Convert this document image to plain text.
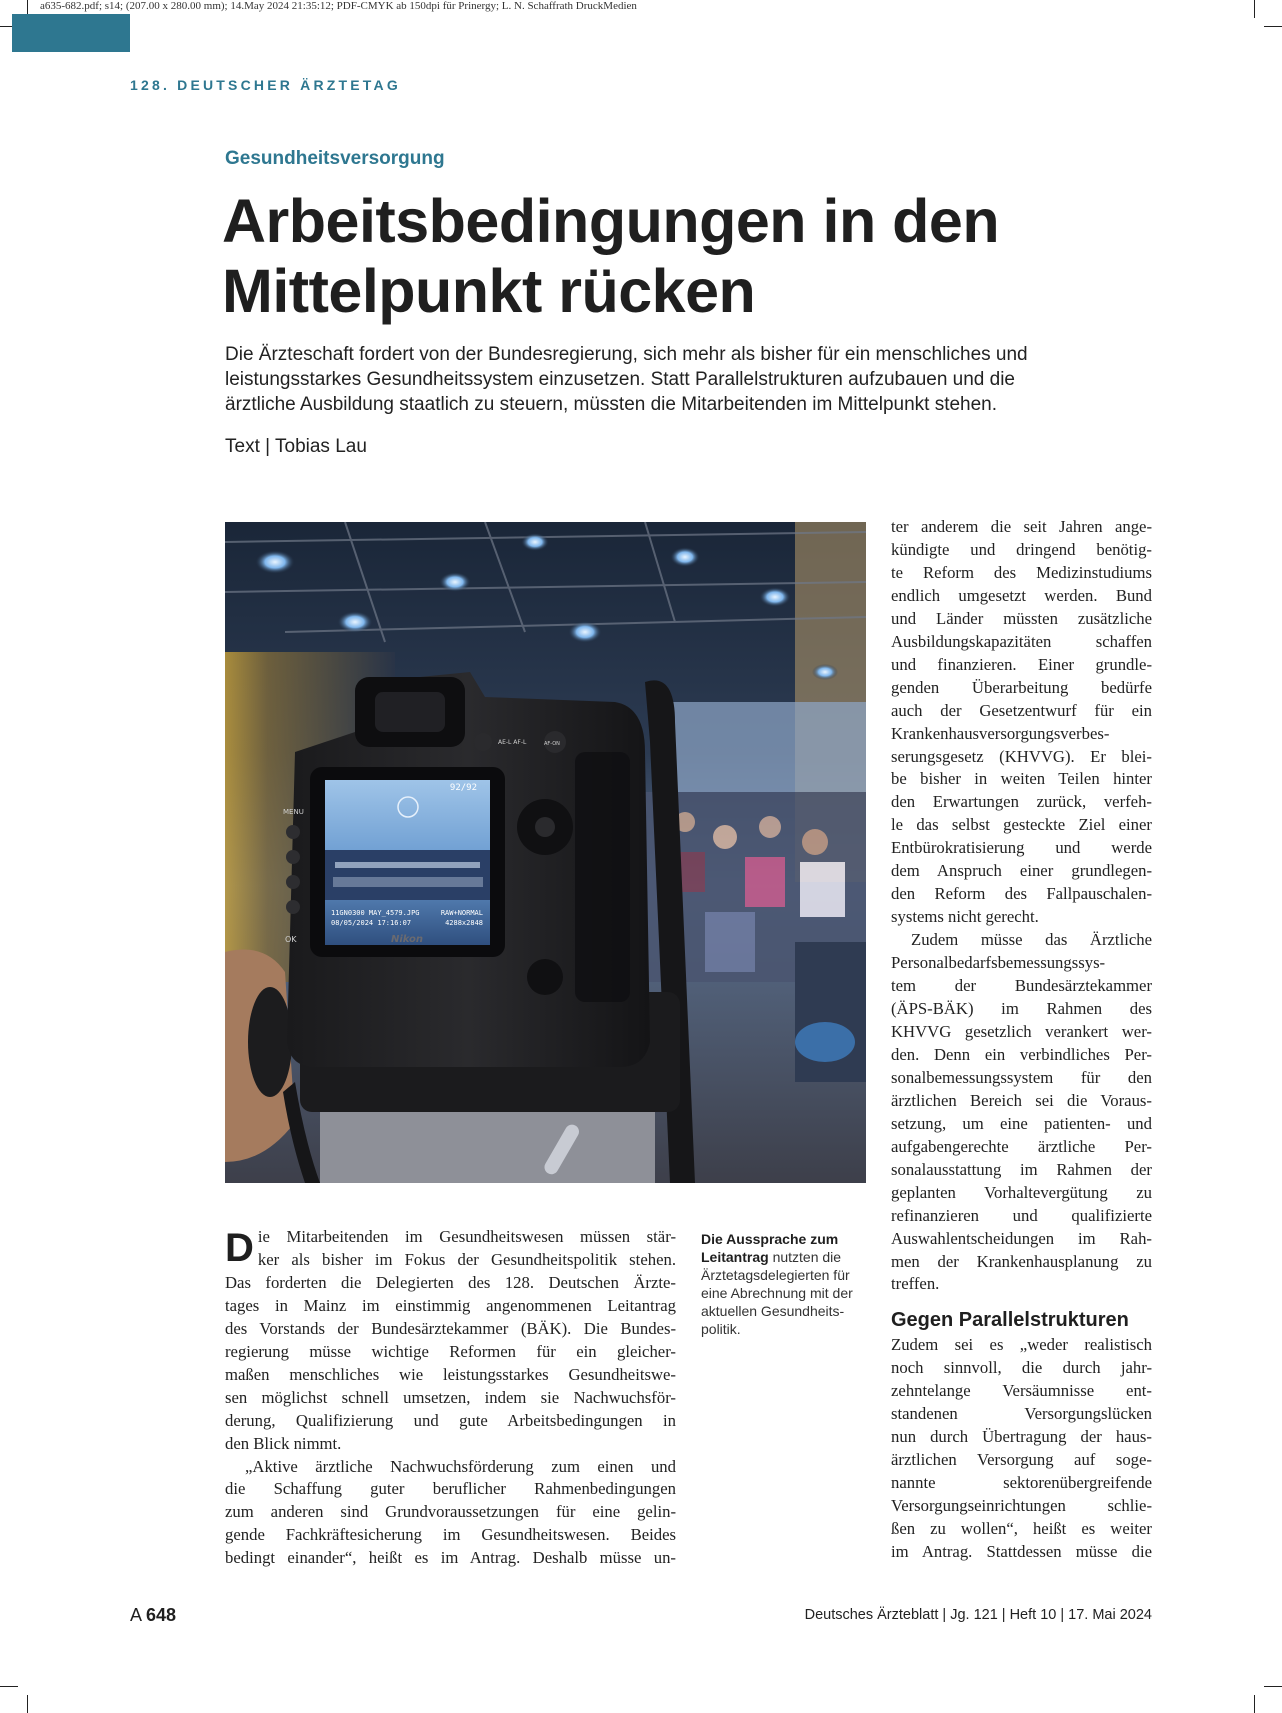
a635-682.pdf; s14; (207.00 x 280.00 mm); 14.May 2024 21:35:12; PDF-CMYK ab 150dpi für Prinergy; L. N. Schaffrath DruckMedien
128. DEUTSCHER ÄRZTETAG
Gesundheitsversorgung
Arbeitsbedingungen in den
Mittelpunkt rücken
Die Ärzteschaft fordert von der Bundesregierung, sich mehr als bisher für ein menschliches und
leistungsstarkes Gesundheitssystem einzusetzen. Statt Parallelstrukturen aufzubauen und die
ärztliche Ausbildung staatlich zu steuern, müssten die Mitarbeitenden im Mittelpunkt stehen.
Text | Tobias Lau
92/92
11GN0300 MAY_4579.JPG
08/05/2024 17:16:07
RAW+NORMAL
4288x2848
Nikon
MENU
OK
AE-L AF-L	AF-ON
Die Aussprache zum
Leitantrag nutzten die
Ärztetagsdelegierten für
eine Abrechnung mit der
aktuellen Gesundheits-
politik.
D ie Mitarbeitenden im Gesundheitswesen müssen stär-
ker als bisher im Fokus der Gesundheitspolitik stehen.
Das forderten die Delegierten des 128. Deutschen Ärzte-
tages in Mainz im einstimmig angenommenen Leitantrag
des Vorstands der Bundesärztekammer (BÄK). Die Bundes-
regierung müsse wichtige Reformen für ein gleicher-
maßen menschliches wie leistungsstarkes Gesundheitswe-
sen möglichst schnell umsetzen, indem sie Nachwuchsför-
derung, Qualifizierung und gute Arbeitsbedingungen in
den Blick nimmt.
„Aktive ärztliche Nachwuchsförderung zum einen und
die Schaffung guter beruflicher Rahmenbedingungen
zum anderen sind Grundvoraussetzungen für eine gelin-
gende Fachkräftesicherung im Gesundheitswesen. Beides
bedingt einander“, heißt es im Antrag. Deshalb müsse un-
ter anderem die seit Jahren ange-
kündigte und dringend benötig-
te Reform des Medizinstudiums
endlich umgesetzt werden. Bund
und Länder müssten zusätzliche
Ausbildungskapazitäten schaffen
und finanzieren. Einer grundle-
genden Überarbeitung bedürfe
auch der Gesetzentwurf für ein
Krankenhausversorgungsverbes-
serungsgesetz (KHVVG). Er blei-
be bisher in weiten Teilen hinter
den Erwartungen zurück, verfeh-
le das selbst gesteckte Ziel einer
Entbürokratisierung und werde
dem Anspruch einer grundlegen-
den Reform des Fallpauschalen-
systems nicht gerecht.
Zudem müsse das Ärztliche
Personalbedarfsbemessungssys-
tem der Bundesärztekammer
(ÄPS-BÄK) im Rahmen des
KHVVG gesetzlich verankert wer-
den. Denn ein verbindliches Per-
sonalbemessungssystem für den
ärztlichen Bereich sei die Voraus-
setzung, um eine patienten- und
aufgabengerechte ärztliche Per-
sonalausstattung im Rahmen der
geplanten Vorhaltevergütung zu
refinanzieren und qualifizierte
Auswahlentscheidungen im Rah-
men der Krankenhausplanung zu
treffen.
Gegen Parallelstrukturen
Zudem sei es „weder realistisch
noch sinnvoll, die durch jahr-
zehntelange Versäumnisse ent-
standenen Versorgungslücken
nun durch Übertragung der haus-
ärztlichen Versorgung auf soge-
nannte sektorenübergreifende
Versorgungseinrichtungen schlie-
ßen zu wollen“, heißt es weiter
im Antrag. Stattdessen müsse die
A 648	Deutsches Ärzteblatt | Jg. 121 | Heft 10 | 17. Mai 2024
